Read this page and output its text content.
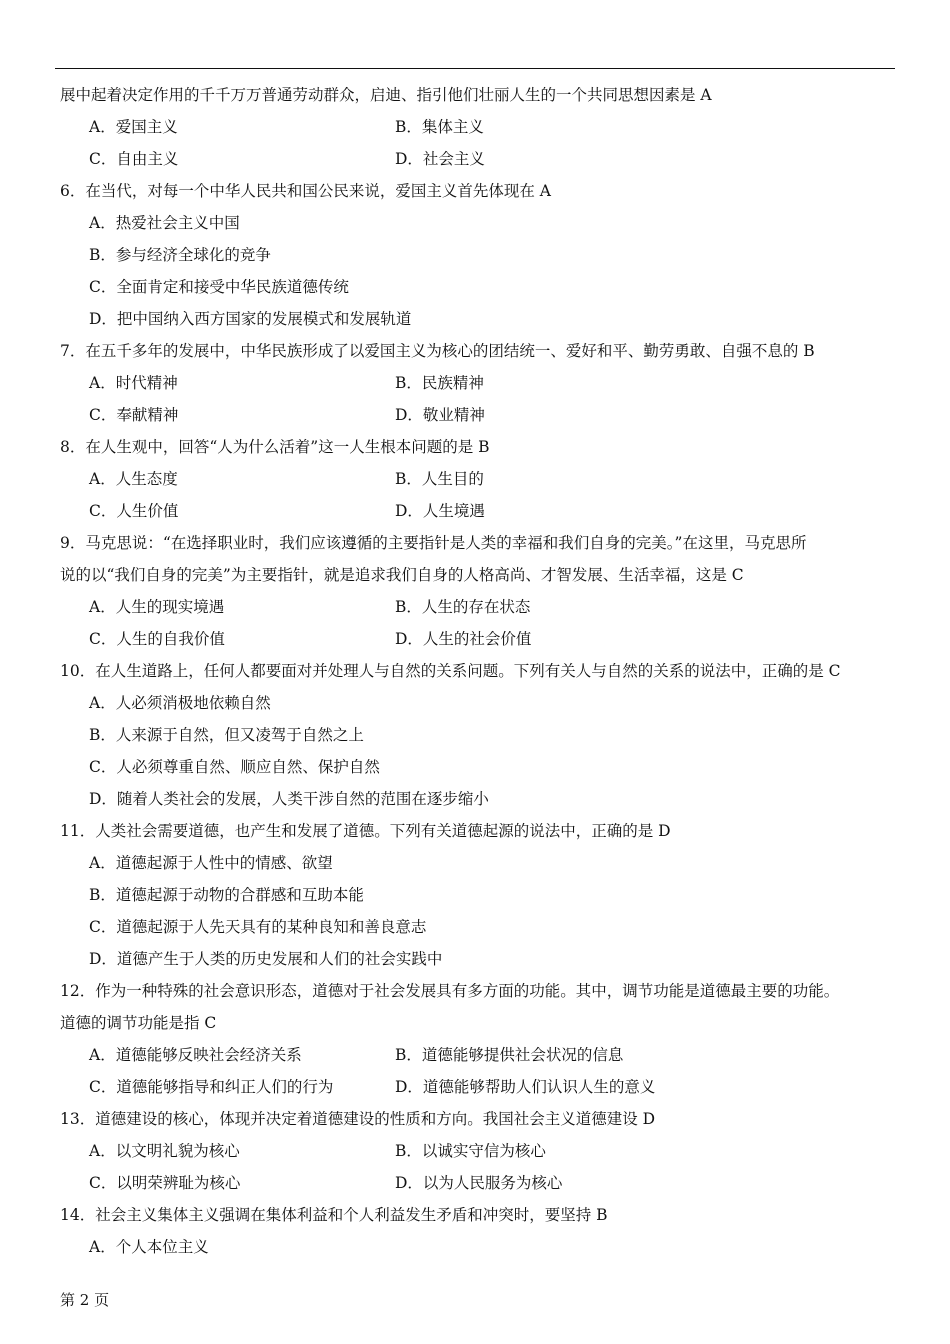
展中起着决定作用的千千万万普通劳动群众，启迪、指引他们壮丽人生的一个共同思想因素是 A
A．爱国主义	B．集体主义
C．自由主义	D．社会主义
6．在当代，对每一个中华人民共和国公民来说，爱国主义首先体现在 A
A．热爱社会主义中国
B．参与经济全球化的竞争
C．全面肯定和接受中华民族道德传统
D．把中国纳入西方国家的发展模式和发展轨道
7．在五千多年的发展中，中华民族形成了以爱国主义为核心的团结统一、爱好和平、勤劳勇敢、自强不息的 B
A．时代精神	B．民族精神
C．奉献精神	D．敬业精神
8．在人生观中，回答“人为什么活着”这一人生根本问题的是 B
A．人生态度	B．人生目的
C．人生价值	D．人生境遇
9．马克思说：“在选择职业时，我们应该遵循的主要指针是人类的幸福和我们自身的完美。”在这里，马克思所
说的以“我们自身的完美”为主要指针，就是追求我们自身的人格高尚、才智发展、生活幸福，这是 C
A．人生的现实境遇	B．人生的存在状态
C．人生的自我价值	D．人生的社会价值
10．在人生道路上，任何人都要面对并处理人与自然的关系问题。下列有关人与自然的关系的说法中，正确的是 C
A．人必须消极地依赖自然
B．人来源于自然，但又凌驾于自然之上
C．人必须尊重自然、顺应自然、保护自然
D．随着人类社会的发展，人类干涉自然的范围在逐步缩小
11．人类社会需要道德，也产生和发展了道德。下列有关道德起源的说法中，正确的是 D
A．道德起源于人性中的情感、欲望
B．道德起源于动物的合群感和互助本能
C．道德起源于人先天具有的某种良知和善良意志
D．道德产生于人类的历史发展和人们的社会实践中
12．作为一种特殊的社会意识形态，道德对于社会发展具有多方面的功能。其中，调节功能是道德最主要的功能。
道德的调节功能是指 C
A．道德能够反映社会经济关系	B．道德能够提供社会状况的信息
C．道德能够指导和纠正人们的行为	D．道德能够帮助人们认识人生的意义
13．道德建设的核心，体现并决定着道德建设的性质和方向。我国社会主义道德建设 D
A．以文明礼貌为核心	B．以诚实守信为核心
C．以明荣辨耻为核心	D．以为人民服务为核心
14．社会主义集体主义强调在集体利益和个人利益发生矛盾和冲突时，要坚持 B
A．个人本位主义
第 2 页
